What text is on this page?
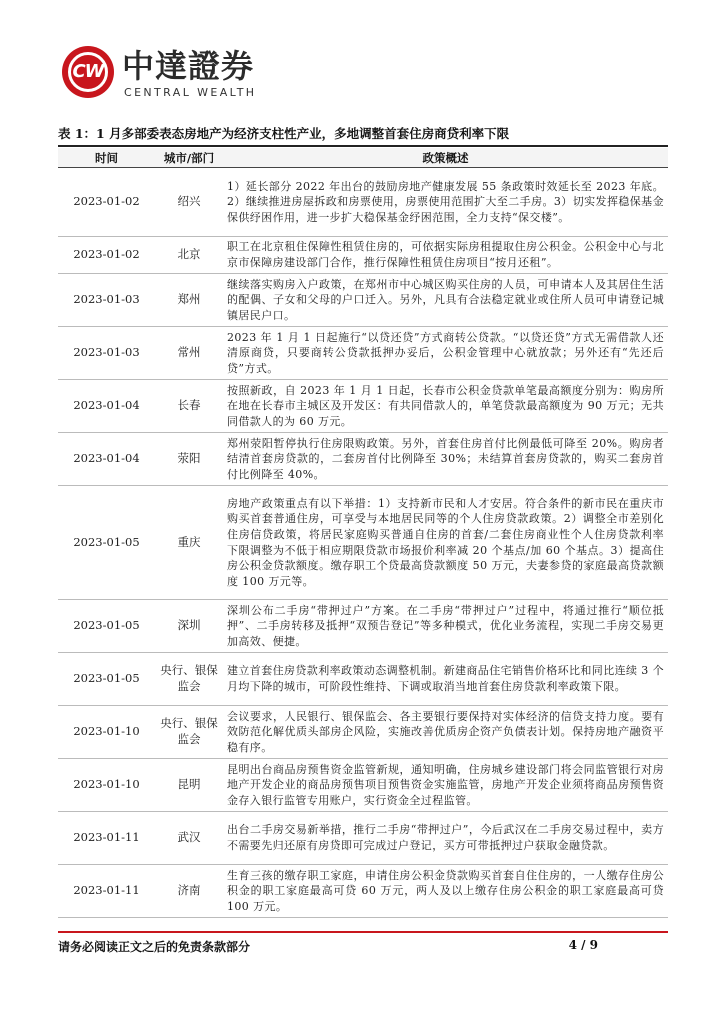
CW 中達證券
CENTRAL WEALTH
表 1：1 月多部委表态房地产为经济支柱性产业，多地调整首套住房商贷利率下限
时间	城市/部门	政策概述
2023-01-02	绍兴	1）延长部分 2022 年出台的鼓励房地产健康发展 55 条政策时效延长至 2023 年底。2）继续推进房屋拆政和房票使用，房票使用范围扩大至二手房。3）切实发挥稳保基金保供纾困作用，进一步扩大稳保基金纾困范围，全力支持“保交楼”。
2023-01-02	北京	职工在北京租住保障性租赁住房的，可依据实际房租提取住房公积金。公积金中心与北京市保障房建设部门合作，推行保障性租赁住房项目“按月还租”。
2023-01-03	郑州	继续落实购房入户政策，在郑州市中心城区购买住房的人员，可申请本人及其居住生活的配偶、子女和父母的户口迁入。另外，凡具有合法稳定就业或住所人员可申请登记城镇居民户口。
2023-01-03	常州	2023 年 1 月 1 日起施行“以贷还贷”方式商转公贷款。“以贷还贷”方式无需借款人还清原商贷，只要商转公贷款抵押办妥后，公积金管理中心就放款；另外还有“先还后贷”方式。
2023-01-04	长春	按照新政，自 2023 年 1 月 1 日起，长春市公积金贷款单笔最高额度分别为：购房所在地在长春市主城区及开发区：有共同借款人的，单笔贷款最高额度为 90 万元；无共同借款人的为 60 万元。
2023-01-04	荥阳	郑州荥阳暂停执行住房限购政策。另外，首套住房首付比例最低可降至 20%。购房者结清首套房贷款的，二套房首付比例降至 30%；未结算首套房贷款的，购买二套房首付比例降至 40%。
2023-01-05	重庆	房地产政策重点有以下举措：1）支持新市民和人才安居。符合条件的新市民在重庆市购买首套普通住房，可享受与本地居民同等的个人住房贷款政策。2）调整全市差别化住房信贷政策，将居民家庭购买普通自住房的首套/二套住房商业性个人住房贷款利率下限调整为不低于相应期限贷款市场报价利率减 20 个基点/加 60 个基点。3）提高住房公积金贷款额度。缴存职工个贷最高贷款额度 50 万元，夫妻参贷的家庭最高贷款额度 100 万元等。
2023-01-05	深圳	深圳公布二手房“带押过户”方案。在二手房“带押过户”过程中，将通过推行“顺位抵押”、二手房转移及抵押“双预告登记”等多种模式，优化业务流程，实现二手房交易更加高效、便捷。
2023-01-05	央行、银保监会	建立首套住房贷款利率政策动态调整机制。新建商品住宅销售价格环比和同比连续 3 个月均下降的城市，可阶段性维持、下调或取消当地首套住房贷款利率政策下限。
2023-01-10	央行、银保监会	会议要求，人民银行、银保监会、各主要银行要保持对实体经济的信贷支持力度。要有效防范化解优质头部房企风险，实施改善优质房企资产负债表计划。保持房地产融资平稳有序。
2023-01-10	昆明	昆明出台商品房预售资金监管新规，通知明确，住房城乡建设部门将会同监管银行对房地产开发企业的商品房预售项目预售资金实施监管，房地产开发企业须将商品房预售资金存入银行监管专用账户，实行资金全过程监管。
2023-01-11	武汉	出台二手房交易新举措，推行二手房“带押过户”，今后武汉在二手房交易过程中，卖方不需要先归还原有房贷即可完成过户登记，买方可带抵押过户获取金融贷款。
2023-01-11	济南	生育三孩的缴存职工家庭，申请住房公积金贷款购买首套自住住房的，一人缴存住房公积金的职工家庭最高可贷 60 万元，两人及以上缴存住房公积金的职工家庭最高可贷 100 万元。
请务必阅读正文之后的免责条款部分	4 / 9
